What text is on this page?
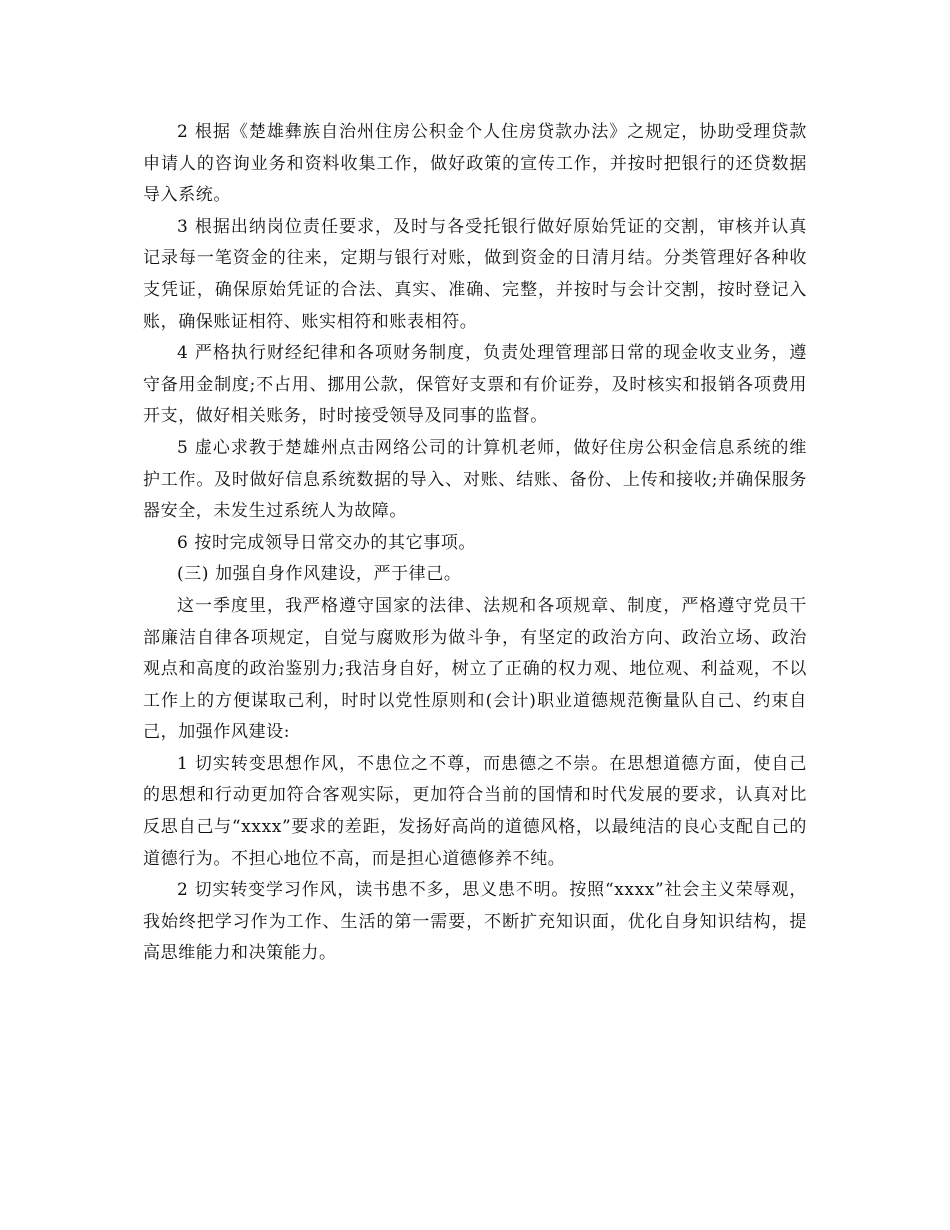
2 根据《楚雄彝族自治州住房公积金个人住房贷款办法》之规定，协助受理贷款申请人的咨询业务和资料收集工作，做好政策的宣传工作，并按时把银行的还贷数据导入系统。

3 根据出纳岗位责任要求，及时与各受托银行做好原始凭证的交割，审核并认真记录每一笔资金的往来，定期与银行对账，做到资金的日清月结。分类管理好各种收支凭证，确保原始凭证的合法、真实、准确、完整，并按时与会计交割，按时登记入账，确保账证相符、账实相符和账表相符。

4 严格执行财经纪律和各项财务制度，负责处理管理部日常的现金收支业务，遵守备用金制度;不占用、挪用公款，保管好支票和有价证券，及时核实和报销各项费用开支，做好相关账务，时时接受领导及同事的监督。

5 虚心求教于楚雄州点击网络公司的计算机老师，做好住房公积金信息系统的维护工作。及时做好信息系统数据的导入、对账、结账、备份、上传和接收;并确保服务器安全，未发生过系统人为故障。

6 按时完成领导日常交办的其它事项。

(三) 加强自身作风建设，严于律己。

这一季度里，我严格遵守国家的法律、法规和各项规章、制度，严格遵守党员干部廉洁自律各项规定，自觉与腐败形为做斗争，有坚定的政治方向、政治立场、政治观点和高度的政治鉴别力;我洁身自好，树立了正确的权力观、地位观、利益观，不以工作上的方便谋取己利，时时以党性原则和(会计)职业道德规范衡量队自己、约束自己，加强作风建设:

1 切实转变思想作风，不患位之不尊，而患德之不崇。在思想道德方面，使自己的思想和行动更加符合客观实际，更加符合当前的国情和时代发展的要求，认真对比反思自己与“xxxx”要求的差距，发扬好高尚的道德风格，以最纯洁的良心支配自己的道德行为。不担心地位不高，而是担心道德修养不纯。

2 切实转变学习作风，读书患不多，思义患不明。按照“xxxx”社会主义荣辱观，我始终把学习作为工作、生活的第一需要，不断扩充知识面，优化自身知识结构，提高思维能力和决策能力。
